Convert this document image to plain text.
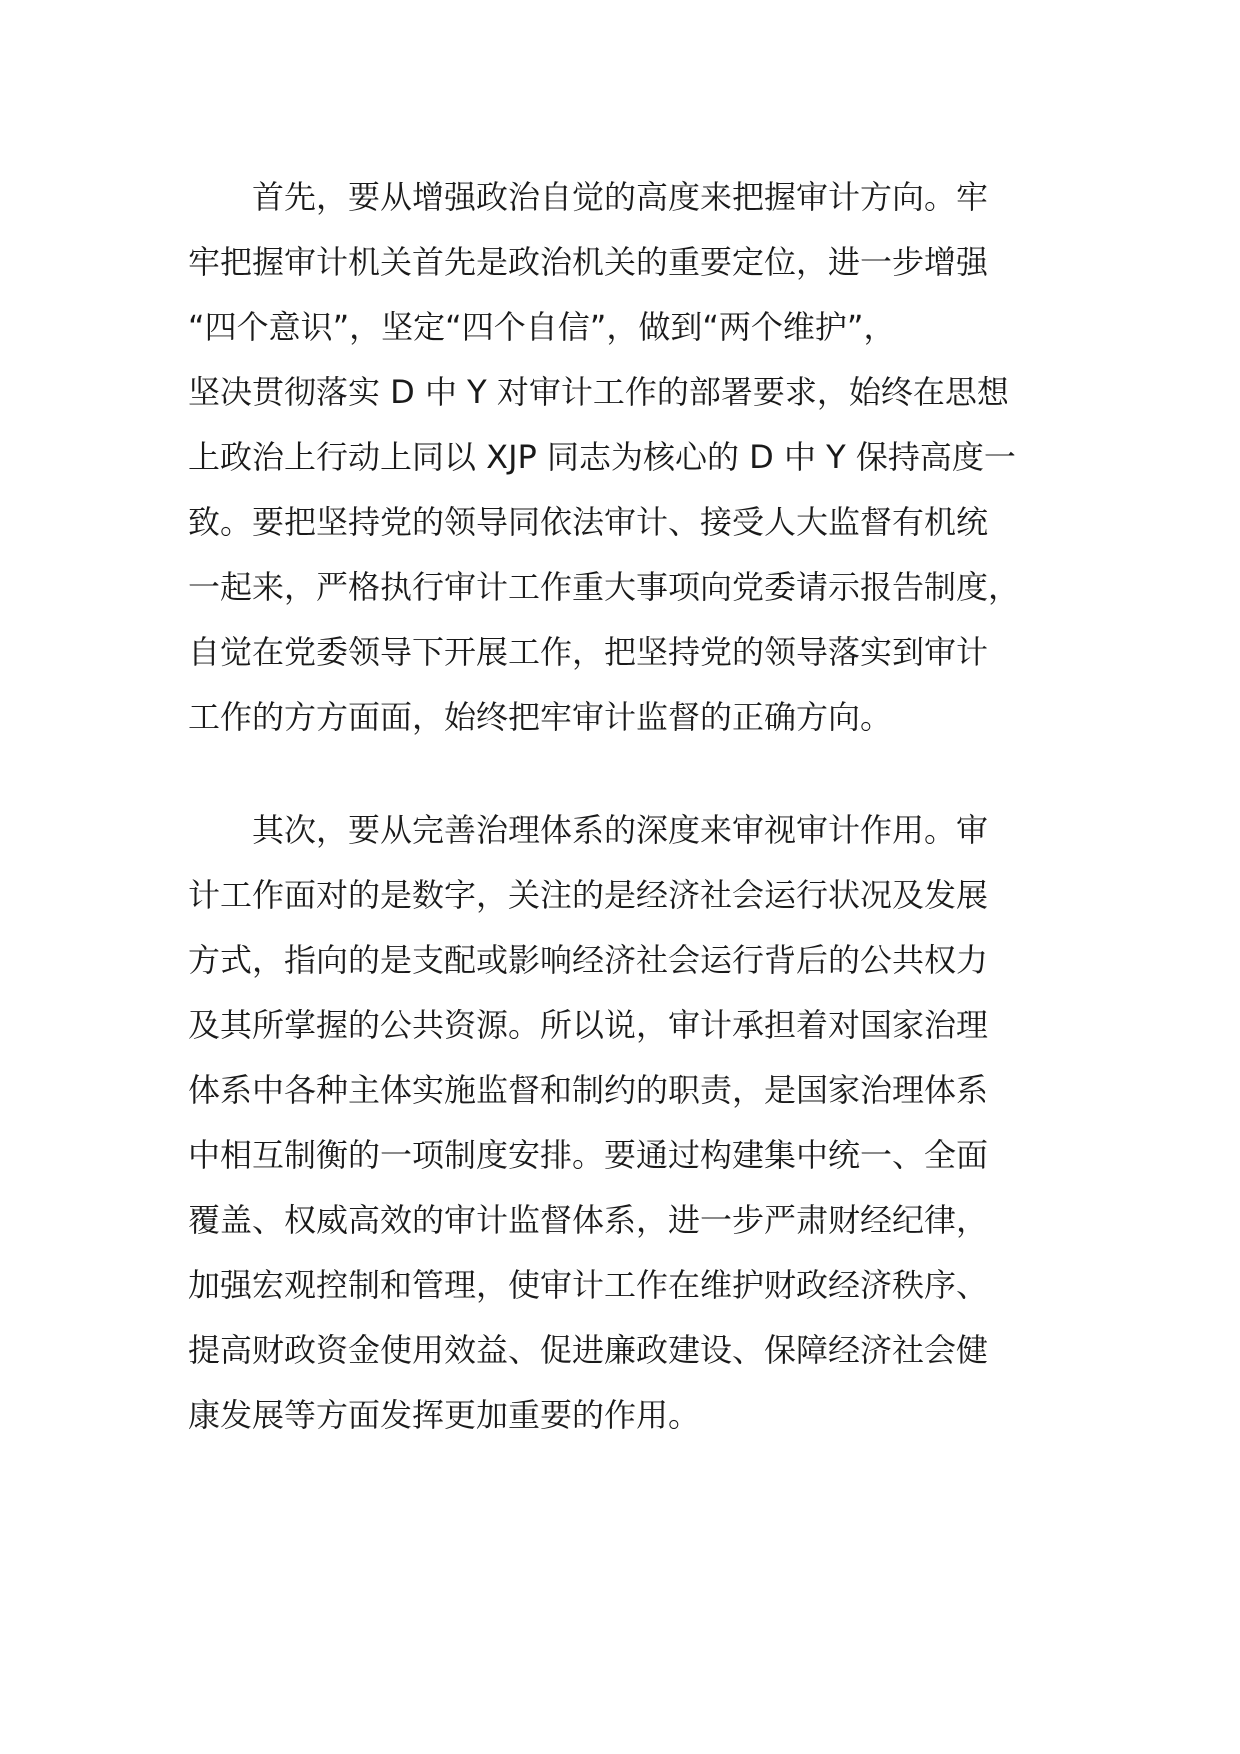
首先，要从增强政治自觉的高度来把握审计方向。牢
牢把握审计机关首先是政治机关的重要定位，进一步增强
“四个意识”，坚定“四个自信”，做到“两个维护”，
坚决贯彻落实 D 中 Y 对审计工作的部署要求，始终在思想
上政治上行动上同以 XJP 同志为核心的 D 中 Y 保持高度一
致。要把坚持党的领导同依法审计、接受人大监督有机统
一起来，严格执行审计工作重大事项向党委请示报告制度，
自觉在党委领导下开展工作，把坚持党的领导落实到审计
工作的方方面面，始终把牢审计监督的正确方向。
其次，要从完善治理体系的深度来审视审计作用。审
计工作面对的是数字，关注的是经济社会运行状况及发展
方式，指向的是支配或影响经济社会运行背后的公共权力
及其所掌握的公共资源。所以说，审计承担着对国家治理
体系中各种主体实施监督和制约的职责，是国家治理体系
中相互制衡的一项制度安排。要通过构建集中统一、全面
覆盖、权威高效的审计监督体系，进一步严肃财经纪律，
加强宏观控制和管理，使审计工作在维护财政经济秩序、
提高财政资金使用效益、促进廉政建设、保障经济社会健
康发展等方面发挥更加重要的作用。
